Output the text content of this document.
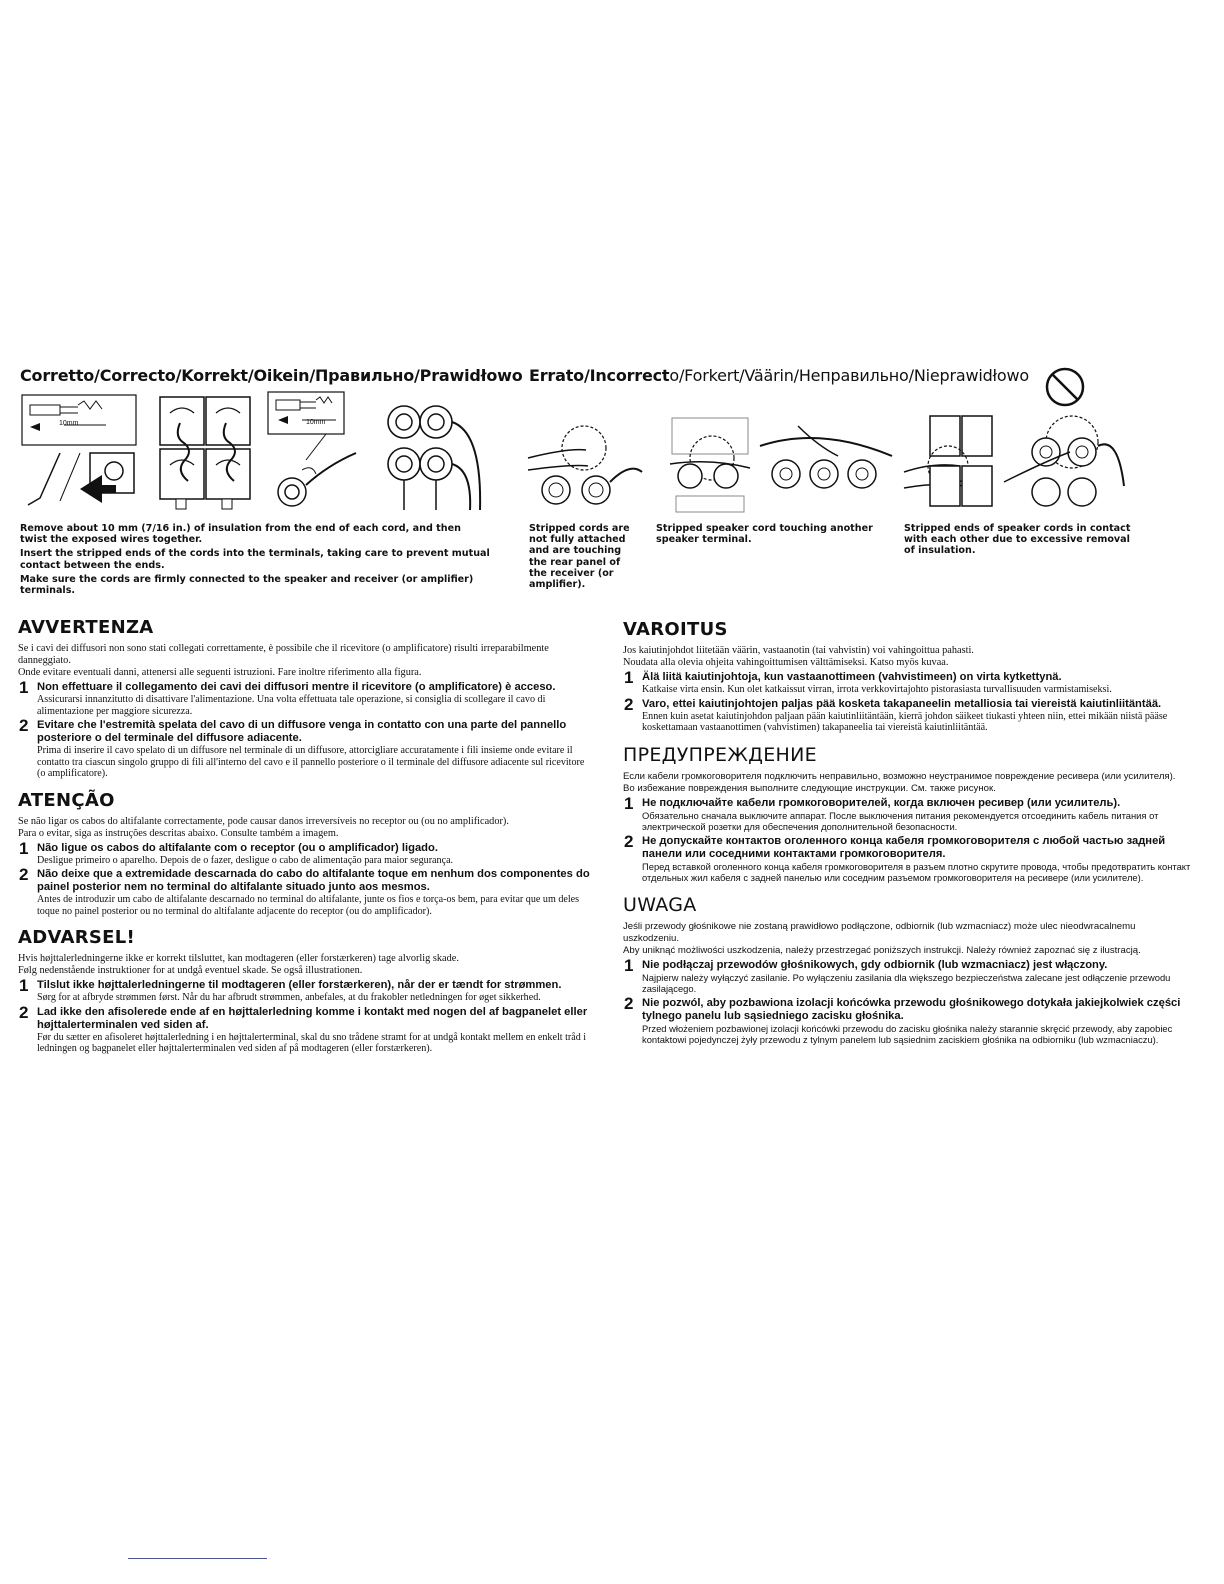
Corretto/Correcto/Korrekt/Oikein/Правильно/Prawidłowo Errato/Incorrecto/Forkert/Väärin/Неправильно/Nieprawidłowo
10mm	10mm

Remove about 10 mm (7/16 in.) of insulation from the end of each cord, and then twist the exposed wires together.

Insert the stripped ends of the cords into the terminals, taking care to prevent mutual contact between the ends.

Make sure the cords are firmly connected to the speaker and receiver (or amplifier) terminals.

Stripped cords are not fully attached and are touching the rear panel of the receiver (or amplifier).
Stripped speaker cord touching another speaker terminal.
Stripped ends of speaker cords in contact with each other due to excessive removal of insulation.
AVVERTENZA

Se i cavi dei diffusori non sono stati collegati correttamente, è possibile che il ricevitore (o amplificatore) risulti irreparabilmente danneggiato.

Onde evitare eventuali danni, attenersi alle seguenti istruzioni. Fare inoltre riferimento alla figura.

1 Non effettuare il collegamento dei cavi dei diffusori mentre il ricevitore (o amplificatore) è acceso.

Assicurarsi innanzitutto di disattivare l'alimentazione. Una volta effettuata tale operazione, si consiglia di scollegare il cavo di alimentazione per maggiore sicurezza.

2 Evitare che l'estremità spelata del cavo di un diffusore venga in contatto con una parte del pannello posteriore o del terminale del diffusore adiacente.

Prima di inserire il cavo spelato di un diffusore nel terminale di un diffusore, attorcigliare accuratamente i fili insieme onde evitare il contatto tra ciascun singolo gruppo di fili all'interno del cavo e il pannello posteriore o il terminale del diffusore adiacente sul ricevitore (o amplificatore).

ATENÇÃO

Se não ligar os cabos do altifalante correctamente, pode causar danos irreversíveis no receptor ou (ou no amplificador).

Para o evitar, siga as instruções descritas abaixo. Consulte também a imagem.

1 Não ligue os cabos do altifalante com o receptor (ou o amplificador) ligado.

Desligue primeiro o aparelho. Depois de o fazer, desligue o cabo de alimentação para maior segurança.

2 Não deixe que a extremidade descarnada do cabo do altifalante toque em nenhum dos componentes do painel posterior nem no terminal do altifalante situado junto aos mesmos.

Antes de introduzir um cabo de altifalante descarnado no terminal do altifalante, junte os fios e torça-os bem, para evitar que um deles toque no painel posterior ou no terminal do altifalante adjacente do receptor (ou do amplificador).

ADVARSEL!

Hvis højttalerledningerne ikke er korrekt tilsluttet, kan modtageren (eller forstærkeren) tage alvorlig skade.

Følg nedenstående instruktioner for at undgå eventuel skade. Se også illustrationen.

1 Tilslut ikke højttalerledningerne til modtageren (eller forstærkeren), når der er tændt for strømmen.

Sørg for at afbryde strømmen først. Når du har afbrudt strømmen, anbefales, at du frakobler netledningen for øget sikkerhed.

2 Lad ikke den afisolerede ende af en højttalerledning komme i kontakt med nogen del af bagpanelet eller højttalerterminalen ved siden af.

Før du sætter en afisoleret højttalerledning i en højttalerterminal, skal du sno trådene stramt for at undgå kontakt mellem en enkelt tråd i ledningen og bagpanelet eller højttalerterminalen ved siden af på modtageren (eller forstærkeren).

VAROITUS

Jos kaiutinjohdot liitetään väärin, vastaanotin (tai vahvistin) voi vahingoittua pahasti.

Noudata alla olevia ohjeita vahingoittumisen välttämiseksi. Katso myös kuvaa.

1 Älä liitä kaiutinjohtoja, kun vastaanottimeen (vahvistimeen) on virta kytkettynä.

Katkaise virta ensin. Kun olet katkaissut virran, irrota verkkovirtajohto pistorasiasta turvallisuuden varmistamiseksi.

2 Varo, ettei kaiutinjohtojen paljas pää kosketa takapaneelin metalliosia tai viereistä kaiutinliitäntää.

Ennen kuin asetat kaiutinjohdon paljaan pään kaiutinliitäntään, kierrä johdon säikeet tiukasti yhteen niin, ettei mikään niistä pääse koskettamaan vastaanottimen (vahvistimen) takapaneelia tai viereistä kaiutinliitäntää.

ПРЕДУПРЕЖДЕНИЕ

Если кабели громкоговорителя подключить неправильно, возможно неустранимое повреждение ресивера (или усилителя).

Во избежание повреждения выполните следующие инструкции. См. также рисунок.

1 Не подключайте кабели громкоговорителей, когда включен ресивер (или усилитель).

Обязательно сначала выключите аппарат. После выключения питания рекомендуется отсоединить кабель питания от электрической розетки для обеспечения дополнительной безопасности.

2 Не допускайте контактов оголенного конца кабеля громкоговорителя с любой частью задней панели или соседними контактами громкоговорителя.

Перед вставкой оголенного конца кабеля громкоговорителя в разъем плотно скрутите провода, чтобы предотвратить контакт отдельных жил кабеля с задней панелью или соседним разъемом громкоговорителя на ресивере (или усилителе).

UWAGA

Jeśli przewody głośnikowe nie zostaną prawidłowo podłączone, odbiornik (lub wzmacniacz) może ulec nieodwracalnemu uszkodzeniu.

Aby uniknąć możliwości uszkodzenia, należy przestrzegać poniższych instrukcji. Należy również zapoznać się z ilustracją.

1 Nie podłączaj przewodów głośnikowych, gdy odbiornik (lub wzmacniacz) jest włączony.

Najpierw należy wyłączyć zasilanie. Po wyłączeniu zasilania dla większego bezpieczeństwa zalecane jest odłączenie przewodu zasilającego.

2 Nie pozwól, aby pozbawiona izolacji końcówka przewodu głośnikowego dotykała jakiejkolwiek części tylnego panelu lub sąsiedniego zacisku głośnika.

Przed włożeniem pozbawionej izolacji końcówki przewodu do zacisku głośnika należy starannie skręcić przewody, aby zapobiec kontaktowi pojedynczej żyły przewodu z tylnym panelem lub sąsiednim zaciskiem głośnika na odbiorniku (lub wzmacniaczu).
